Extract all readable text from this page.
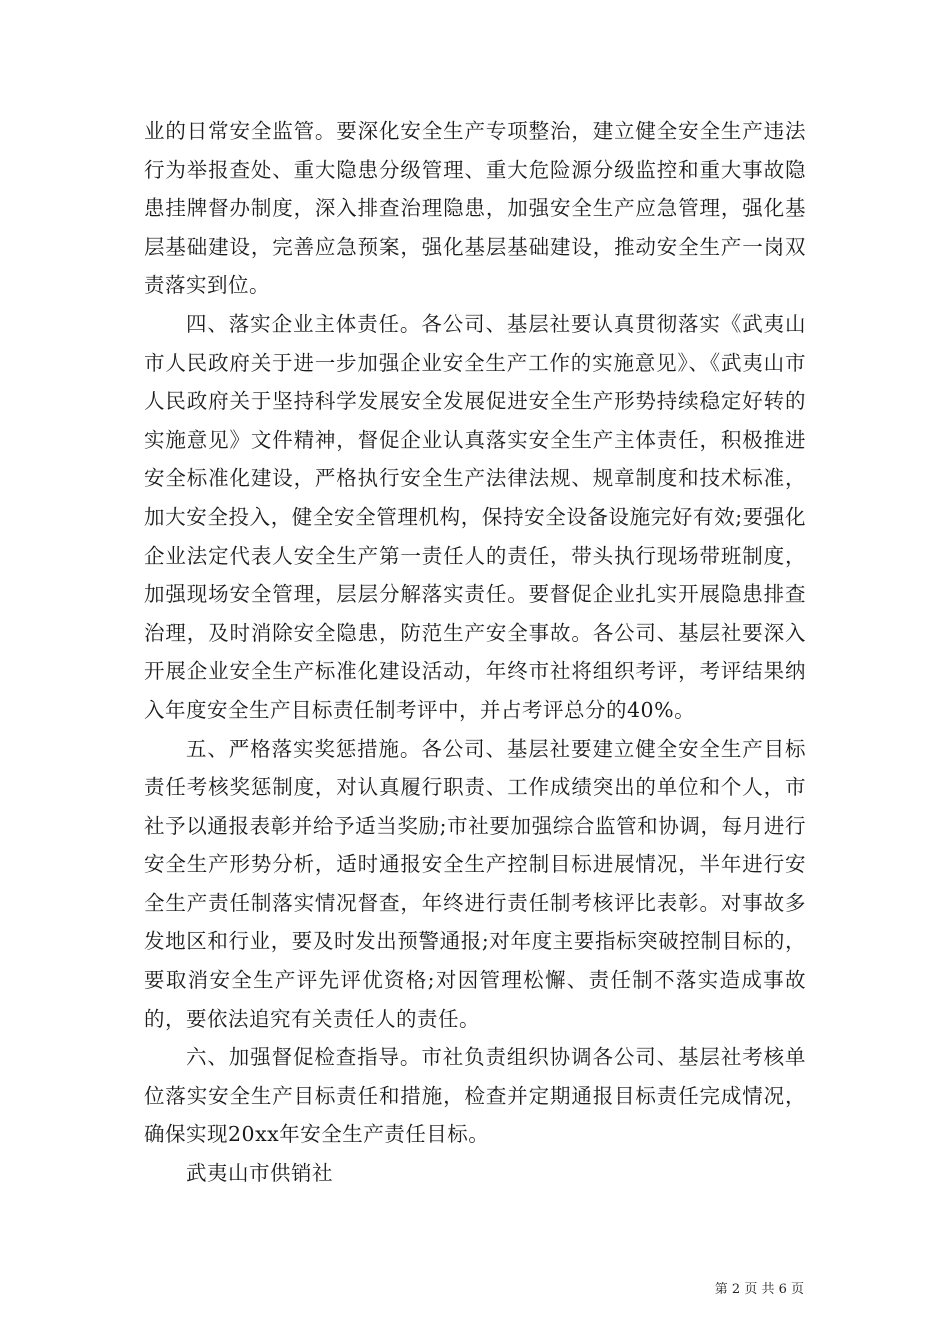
业的日常安全监管。要深化安全生产专项整治，建立健全安全生产违法行为举报查处、重大隐患分级管理、重大危险源分级监控和重大事故隐患挂牌督办制度，深入排查治理隐患，加强安全生产应急管理，强化基层基础建设，完善应急预案，强化基层基础建设，推动安全生产一岗双责落实到位。

四、落实企业主体责任。各公司、基层社要认真贯彻落实《武夷山市人民政府关于进一步加强企业安全生产工作的实施意见》、《武夷山市人民政府关于坚持科学发展安全发展促进安全生产形势持续稳定好转的实施意见》文件精神，督促企业认真落实安全生产主体责任，积极推进安全标准化建设，严格执行安全生产法律法规、规章制度和技术标准，加大安全投入，健全安全管理机构，保持安全设备设施完好有效;要强化企业法定代表人安全生产第一责任人的责任，带头执行现场带班制度，加强现场安全管理，层层分解落实责任。要督促企业扎实开展隐患排查治理，及时消除安全隐患，防范生产安全事故。各公司、基层社要深入开展企业安全生产标准化建设活动，年终市社将组织考评，考评结果纳入年度安全生产目标责任制考评中，并占考评总分的40%。

五、严格落实奖惩措施。各公司、基层社要建立健全安全生产目标责任考核奖惩制度，对认真履行职责、工作成绩突出的单位和个人，市社予以通报表彰并给予适当奖励;市社要加强综合监管和协调，每月进行安全生产形势分析，适时通报安全生产控制目标进展情况，半年进行安全生产责任制落实情况督查，年终进行责任制考核评比表彰。对事故多发地区和行业，要及时发出预警通报;对年度主要指标突破控制目标的，要取消安全生产评先评优资格;对因管理松懈、责任制不落实造成事故的，要依法追究有关责任人的责任。

六、加强督促检查指导。市社负责组织协调各公司、基层社考核单位落实安全生产目标责任和措施，检查并定期通报目标责任完成情况，确保实现20xx年安全生产责任目标。

武夷山市供销社

第 2 页 共 6 页
